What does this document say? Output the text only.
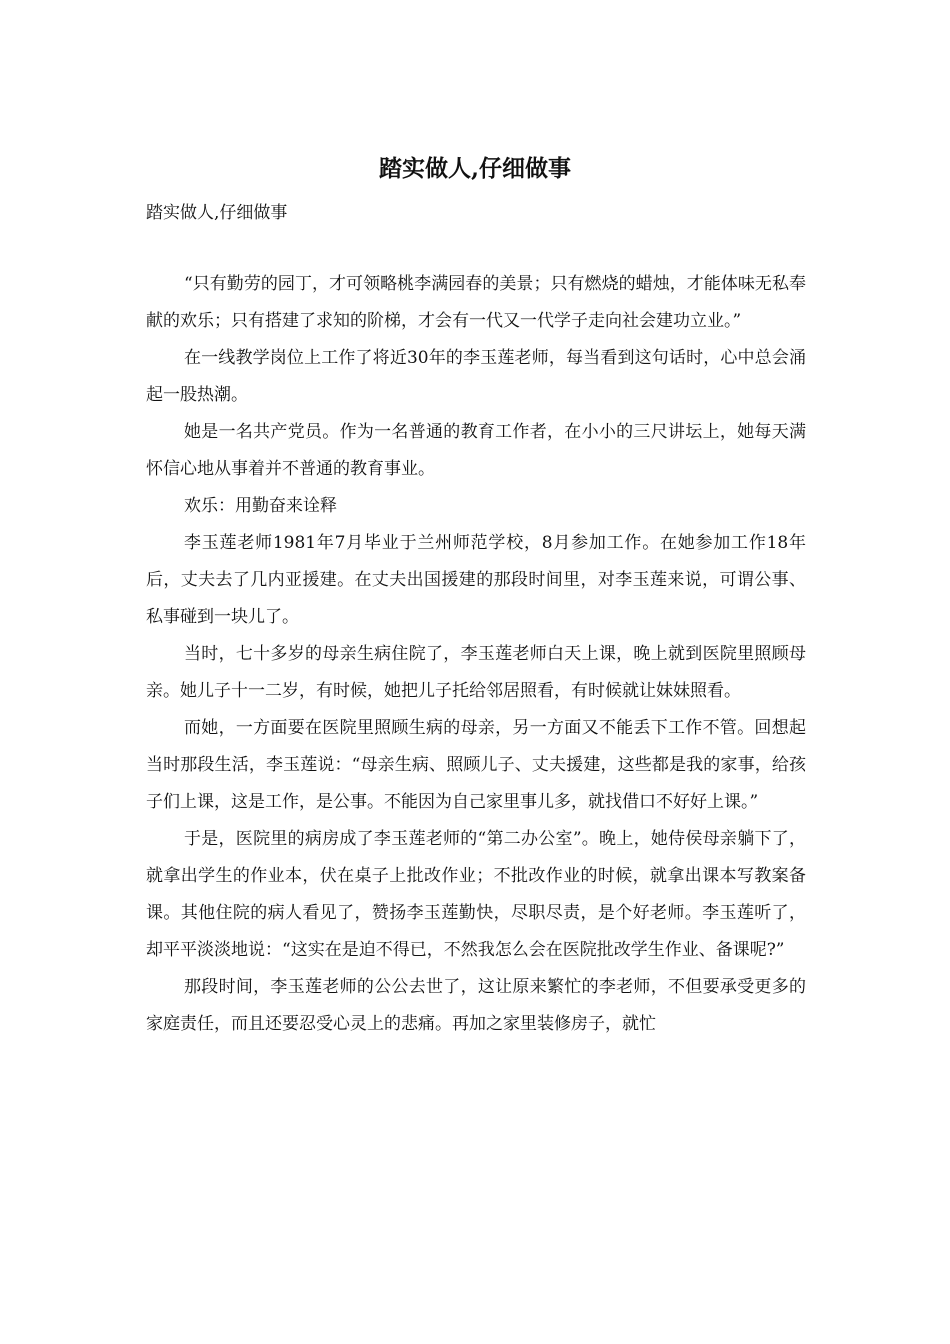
踏实做人,仔细做事
踏实做人,仔细做事

“只有勤劳的园丁，才可领略桃李满园春的美景；只有燃烧的蜡烛，才能体味无私奉献的欢乐；只有搭建了求知的阶梯，才会有一代又一代学子走向社会建功立业。”

在一线教学岗位上工作了将近30年的李玉莲老师，每当看到这句话时，心中总会涌起一股热潮。

她是一名共产党员。作为一名普通的教育工作者，在小小的三尺讲坛上，她每天满怀信心地从事着并不普通的教育事业。

欢乐：用勤奋来诠释

李玉莲老师1981年7月毕业于兰州师范学校，8月参加工作。在她参加工作18年后，丈夫去了几内亚援建。在丈夫出国援建的那段时间里，对李玉莲来说，可谓公事、私事碰到一块儿了。

当时，七十多岁的母亲生病住院了，李玉莲老师白天上课，晚上就到医院里照顾母亲。她儿子十一二岁，有时候，她把儿子托给邻居照看，有时候就让妹妹照看。

而她，一方面要在医院里照顾生病的母亲，另一方面又不能丢下工作不管。回想起当时那段生活，李玉莲说：“母亲生病、照顾儿子、丈夫援建，这些都是我的家事，给孩子们上课，这是工作，是公事。不能因为自己家里事儿多，就找借口不好好上课。”

于是，医院里的病房成了李玉莲老师的“第二办公室”。晚上，她侍侯母亲躺下了，就拿出学生的作业本，伏在桌子上批改作业；不批改作业的时候，就拿出课本写教案备课。其他住院的病人看见了，赞扬李玉莲勤快，尽职尽责，是个好老师。李玉莲听了，却平平淡淡地说：“这实在是迫不得已，不然我怎么会在医院批改学生作业、备课呢?”

那段时间，李玉莲老师的公公去世了，这让原来繁忙的李老师，不但要承受更多的家庭责任，而且还要忍受心灵上的悲痛。再加之家里装修房子，就忙
